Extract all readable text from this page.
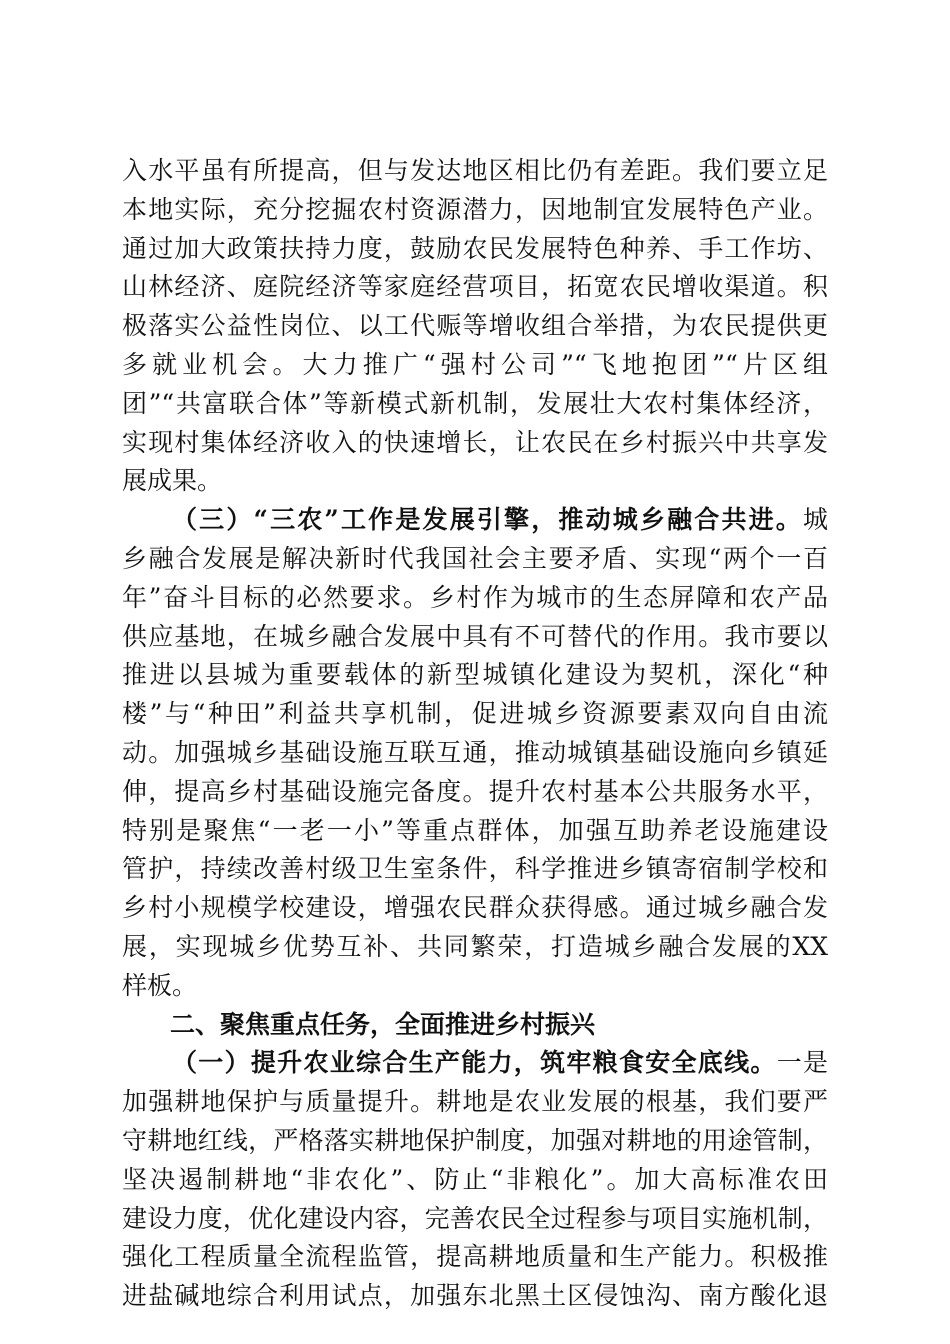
入水平虽有所提高，但与发达地区相比仍有差距。我们要立足
本地实际，充分挖掘农村资源潜力，因地制宜发展特色产业。
通过加大政策扶持力度，鼓励农民发展特色种养、手工作坊、
山林经济、庭院经济等家庭经营项目，拓宽农民增收渠道。积
极落实公益性岗位、以工代赈等增收组合举措，为农民提供更
多就业机会。大力推广“强村公司”“飞地抱团”“片区组
团”“共富联合体”等新模式新机制，发展壮大农村集体经济，
实现村集体经济收入的快速增长，让农民在乡村振兴中共享发
展成果。
（三）“三农”工作是发展引擎，推动城乡融合共进。城
乡融合发展是解决新时代我国社会主要矛盾、实现“两个一百
年”奋斗目标的必然要求。乡村作为城市的生态屏障和农产品
供应基地，在城乡融合发展中具有不可替代的作用。我市要以
推进以县城为重要载体的新型城镇化建设为契机，深化“种
楼”与“种田”利益共享机制，促进城乡资源要素双向自由流
动。加强城乡基础设施互联互通，推动城镇基础设施向乡镇延
伸，提高乡村基础设施完备度。提升农村基本公共服务水平，
特别是聚焦“一老一小”等重点群体，加强互助养老设施建设
管护，持续改善村级卫生室条件，科学推进乡镇寄宿制学校和
乡村小规模学校建设，增强农民群众获得感。通过城乡融合发
展，实现城乡优势互补、共同繁荣，打造城乡融合发展的XX
样板。
二、聚焦重点任务，全面推进乡村振兴
（一）提升农业综合生产能力，筑牢粮食安全底线。一是
加强耕地保护与质量提升。耕地是农业发展的根基，我们要严
守耕地红线，严格落实耕地保护制度，加强对耕地的用途管制，
坚决遏制耕地“非农化”、防止“非粮化”。加大高标准农田
建设力度，优化建设内容，完善农民全过程参与项目实施机制，
强化工程质量全流程监管，提高耕地质量和生产能力。积极推
进盐碱地综合利用试点，加强东北黑土区侵蚀沟、南方酸化退
